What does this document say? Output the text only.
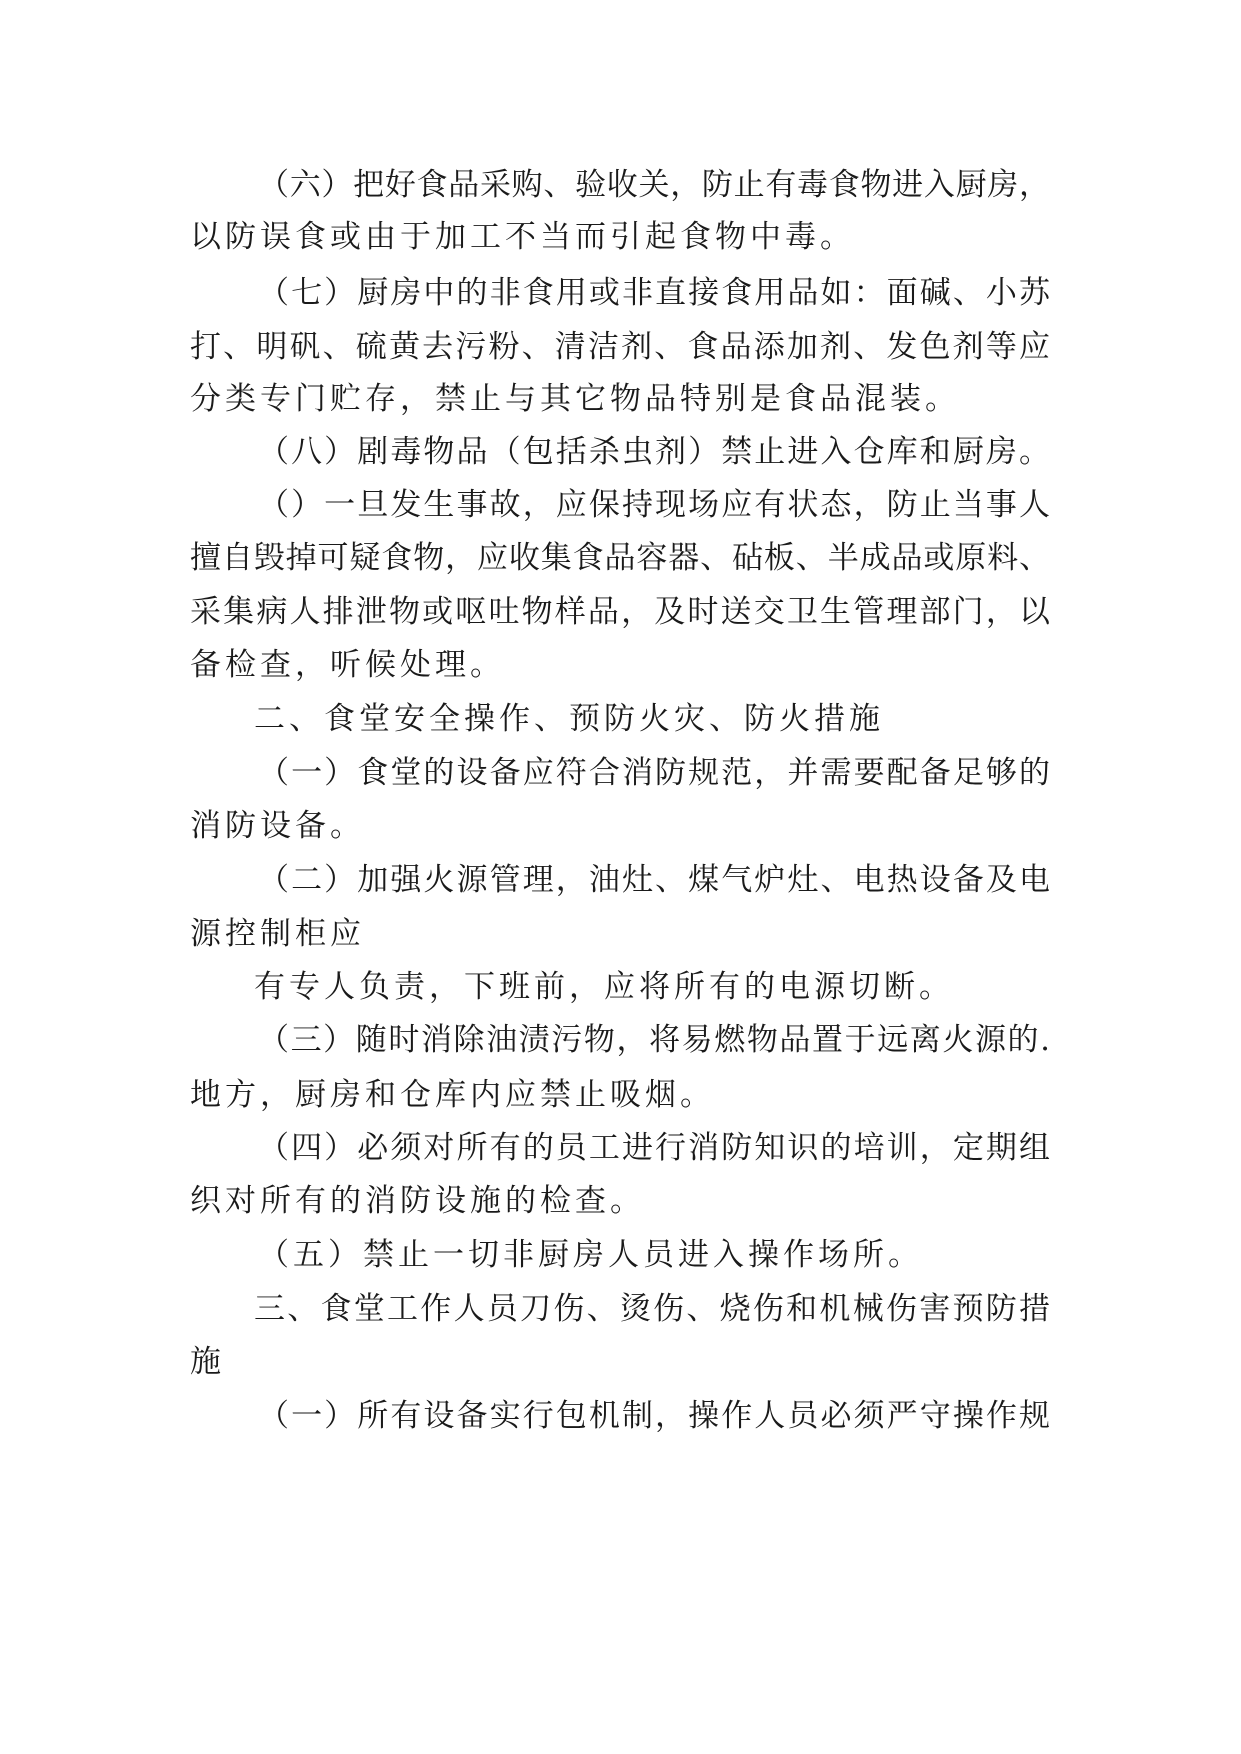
（六）把好食品采购、验收关，防止有毒食物进入厨房，
以防误食或由于加工不当而引起食物中毒。
（七）厨房中的非食用或非直接食用品如：面碱、小苏
打、明矾、硫黄去污粉、清洁剂、食品添加剂、发色剂等应
分类专门贮存，禁止与其它物品特别是食品混装。
（八）剧毒物品（包括杀虫剂）禁止进入仓库和厨房。
（）一旦发生事故，应保持现场应有状态，防止当事人
擅自毁掉可疑食物，应收集食品容器、砧板、半成品或原料、
采集病人排泄物或呕吐物样品，及时送交卫生管理部门，以
备检查，听候处理。
二、食堂安全操作、预防火灾、防火措施
（一）食堂的设备应符合消防规范，并需要配备足够的
消防设备。
（二）加强火源管理，油灶、煤气炉灶、电热设备及电
源控制柜应
有专人负责，下班前，应将所有的电源切断。
（三）随时消除油渍污物，将易燃物品置于远离火源的.
地方，厨房和仓库内应禁止吸烟。
（四）必须对所有的员工进行消防知识的培训，定期组
织对所有的消防设施的检查。
（五）禁止一切非厨房人员进入操作场所。
三、食堂工作人员刀伤、烫伤、烧伤和机械伤害预防措
施
（一）所有设备实行包机制，操作人员必须严守操作规
